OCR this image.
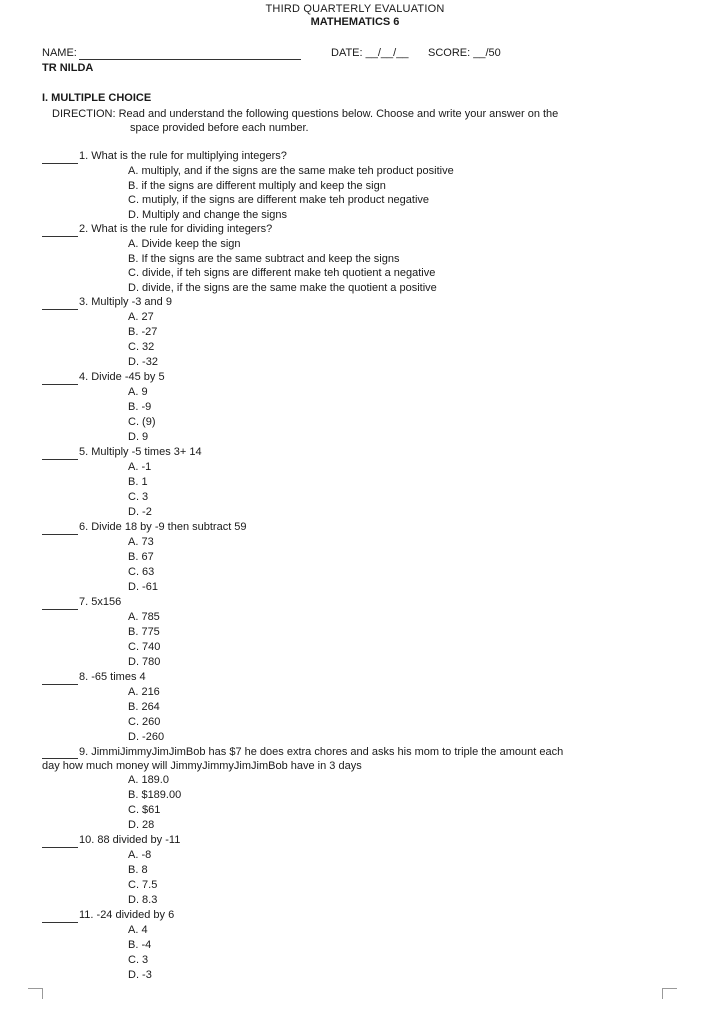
THIRD QUARTERLY EVALUATION
MATHEMATICS 6
NAME:	DATE: __/__/__ SCORE: __/50
TR NILDA
I. MULTIPLE CHOICE
DIRECTION: Read and understand the following questions below. Choose and write your answer on the
space provided before each number.
1. What is the rule for multiplying integers?
A. multiply, and if the signs are the same make teh product positive
B. if the signs are different multiply and keep the sign
C. mutiply, if the signs are different make teh product negative
D. Multiply and change the signs
2. What is the rule for dividing integers?
A. Divide keep the sign
B. If the signs are the same subtract and keep the signs
C. divide, if teh signs are different make teh quotient a negative
D. divide, if the signs are the same make the quotient a positive
3. Multiply -3 and 9
A. 27
B. -27
C. 32
D. -32
4. Divide -45 by 5
A. 9
B. -9
C. (9)
D. 9
5. Multiply -5 times 3+ 14
A. -1
B. 1
C. 3
D. -2
6. Divide 18 by -9 then subtract 59
A. 73
B. 67
C. 63
D. -61
7. 5x156
A. 785
B. 775
C. 740
D. 780
8. -65 times 4
A. 216
B. 264
C. 260
D. -260
9. JimmiJimmyJimJimBob has $7 he does extra chores and asks his mom to triple the amount each
day how much money will JimmyJimmyJimJimBob have in 3 days
A. 189.0
B. $189.00
C. $61
D. 28
10. 88 divided by -11
A. -8
B. 8
C. 7.5
D. 8.3
11. -24 divided by 6
A. 4
B. -4
C. 3
D. -3
